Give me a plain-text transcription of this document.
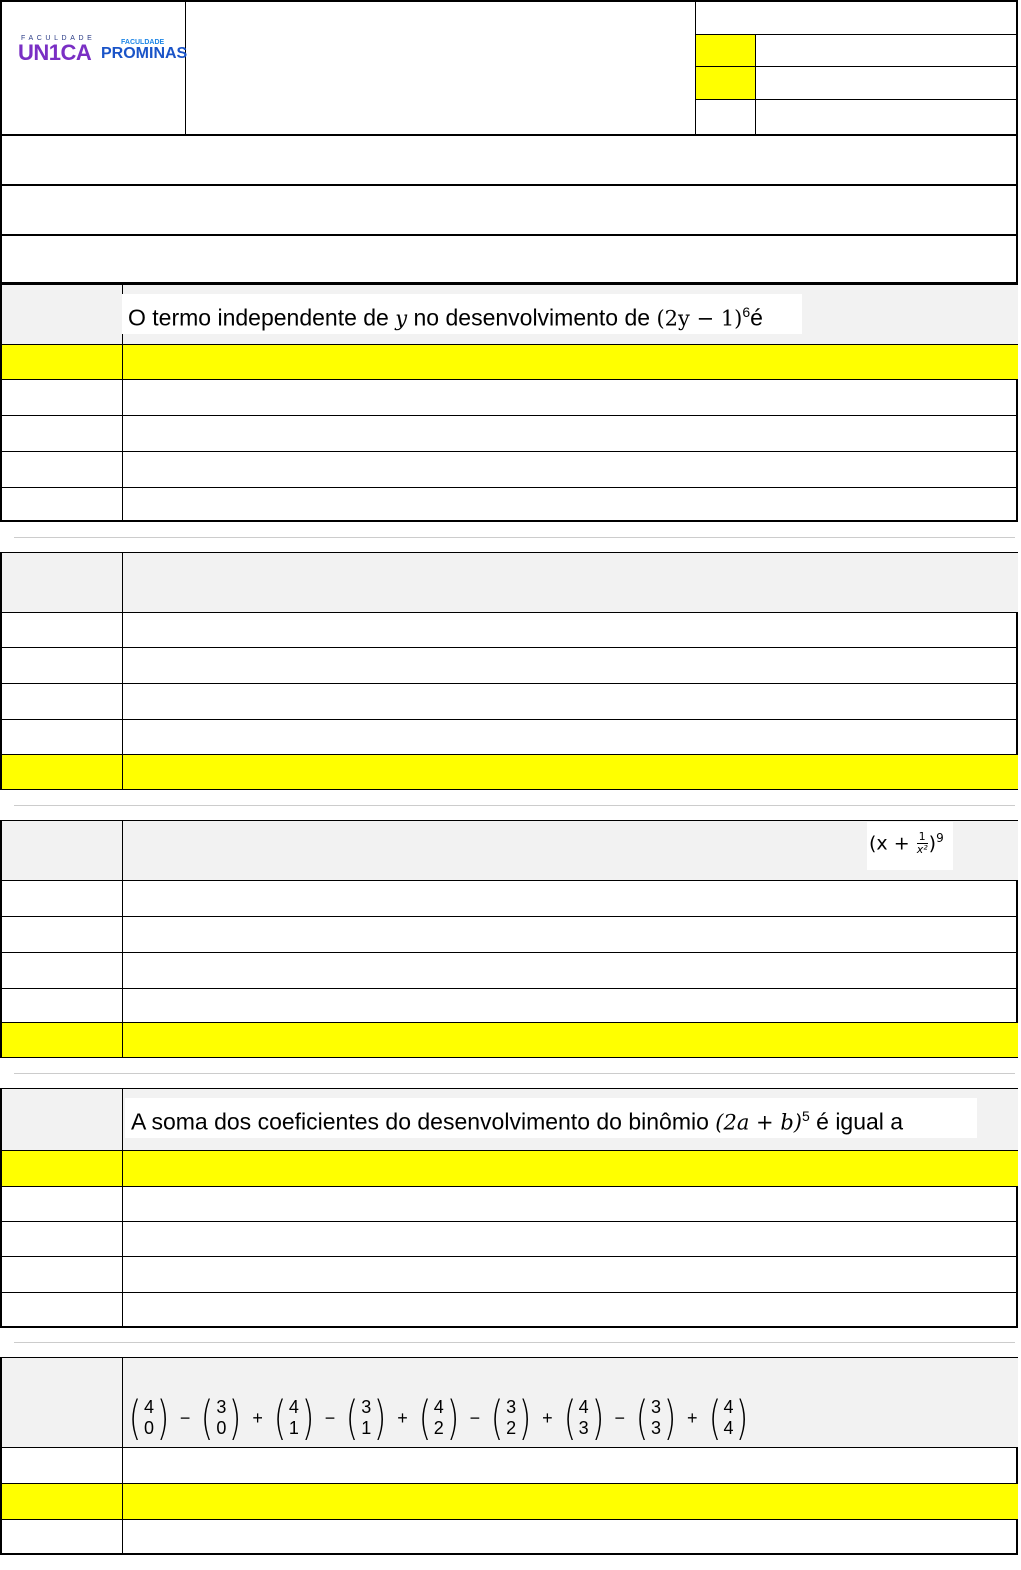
FACULDADE
UN1CA	FACULDADE
PROMINAS
O termo independente de y no desenvolvimento de $(2y - 1)^6é$
$(x + \frac{1}{\text{x²}} )^9$
A soma dos coeficientes do desenvolvimento do binômio $(2a + b)^5$ é igual a
( 4
0 ) − ( 3
0 ) + ( 4
1 ) − ( 3
1 ) + ( 4
2 ) − ( 3
2 ) + ( 4
3 ) − ( 3
3 ) + ( 4
4 )
